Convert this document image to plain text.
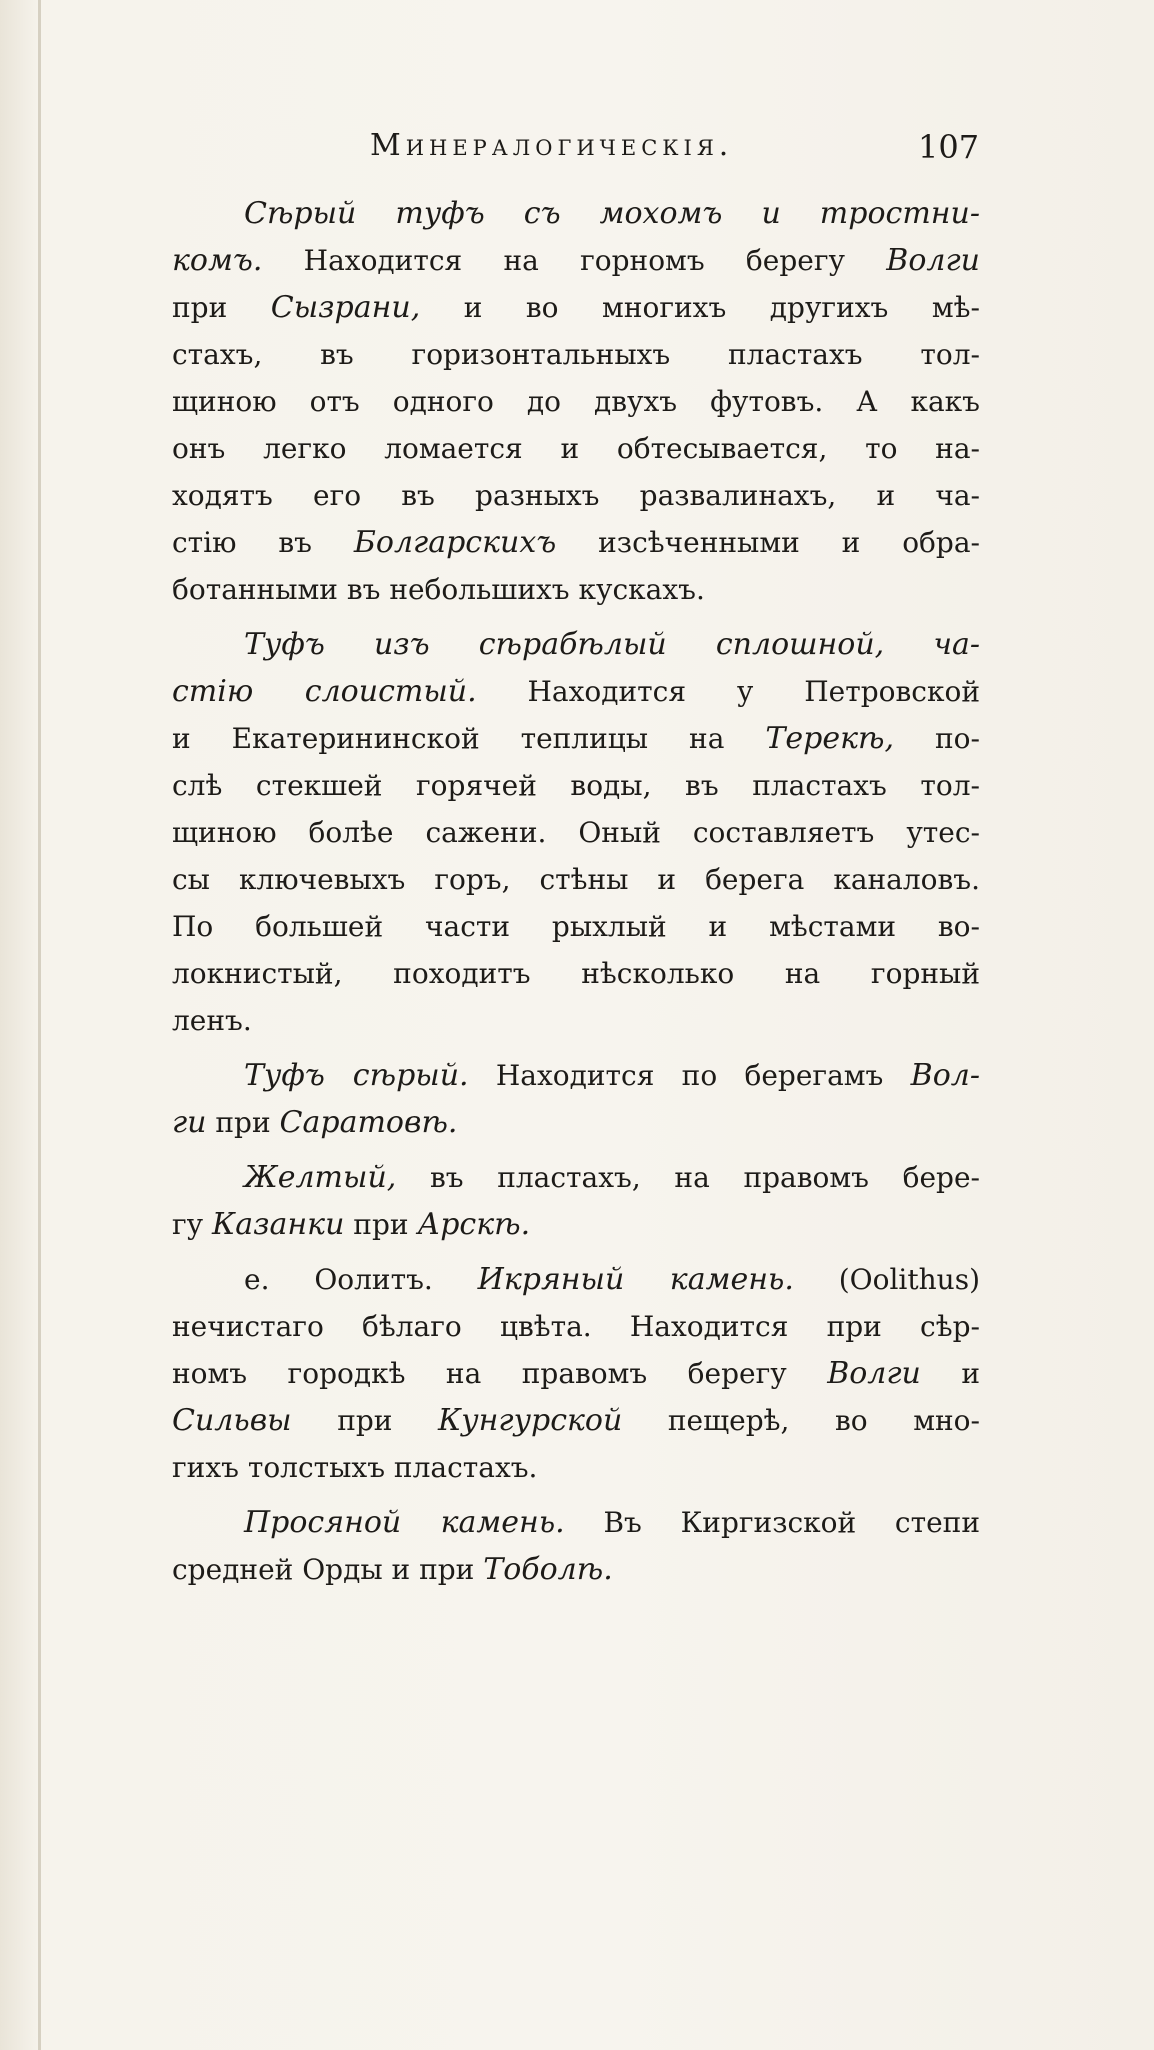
Минералогическія.	107
Сѣрый туфъ съ мохомъ и тростни-
комъ. Находится на горномъ берегу Волги
при Сызрани, и во многихъ другихъ мѣ-
стахъ, въ горизонтальныхъ пластахъ тол-
щиною отъ одного до двухъ футовъ. А какъ
онъ легко ломается и обтесывается, то на-
ходятъ его въ разныхъ развалинахъ, и ча-
стію въ Болгарскихъ изсѣченными и обра-
ботанными въ небольшихъ кускахъ.
Туфъ изъ сѣрабѣлый сплошной, ча-
стію слоистый. Находится у Петровской
и Екатерининской теплицы на Терекѣ, по-
слѣ стекшей горячей воды, въ пластахъ тол-
щиною болѣе сажени. Оный составляетъ утес-
сы ключевыхъ горъ, стѣны и берега каналовъ.
По большей части рыхлый и мѣстами во-
локнистый, походитъ нѣсколько на горный
ленъ.
Туфъ сѣрый. Находится по берегамъ Вол-
ги при Саратовѣ.
Желтый, въ пластахъ, на правомъ бере-
гу Казанки при Арскѣ.
е. Оолитъ. Икряный камень. (Oolithus)
нечистаго бѣлаго цвѣта. Находится при сѣр-
номъ городкѣ на правомъ берегу Волги и
Сильвы при Кунгурской пещерѣ, во мно-
гихъ толстыхъ пластахъ.
Просяной камень. Въ Киргизской степи
средней Орды и при Тоболѣ.
